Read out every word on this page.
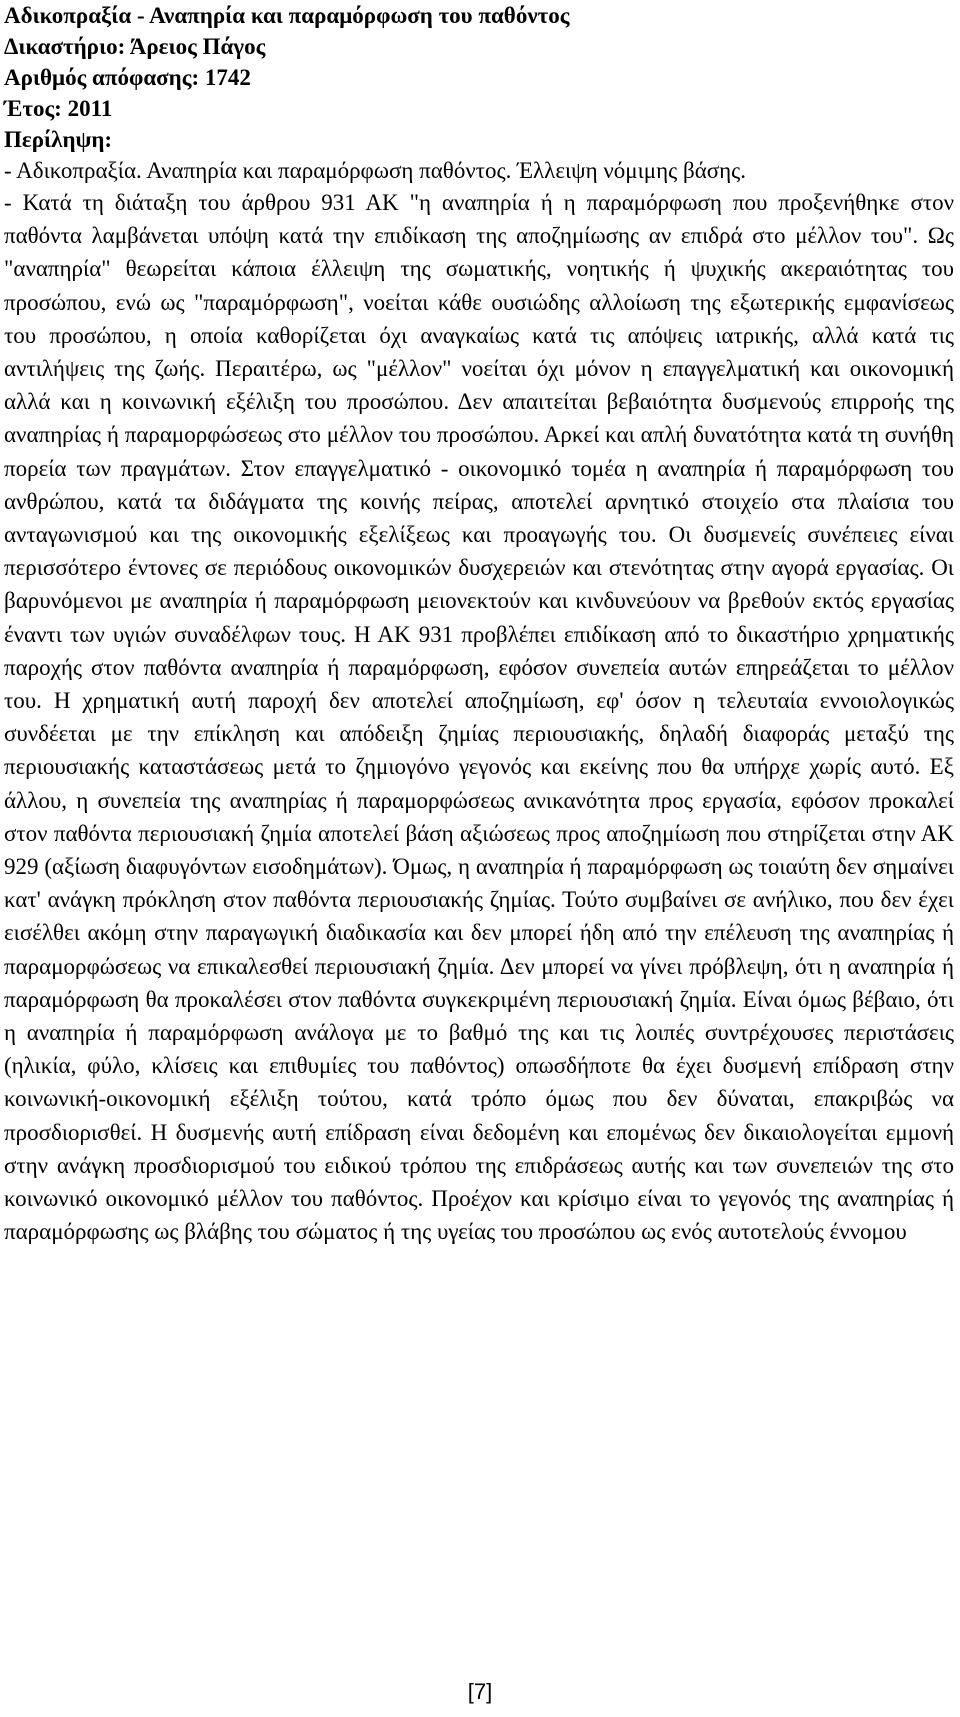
Αδικοπραξία - Αναπηρία και παραμόρφωση του παθόντος

Δικαστήριο: Άρειος Πάγος

Αριθμός απόφασης: 1742

Έτος: 2011

Περίληψη:

- Αδικοπραξία. Αναπηρία και παραμόρφωση παθόντος. Έλλειψη νόμιμης βάσης.

- Κατά τη διάταξη του άρθρου 931 ΑΚ "η αναπηρία ή η παραμόρφωση που προξενήθηκε στον παθόντα λαμβάνεται υπόψη κατά την επιδίκαση της αποζημίωσης αν επιδρά στο μέλλον του". Ως "αναπηρία" θεωρείται κάποια έλλειψη της σωματικής, νοητικής ή ψυχικής ακεραιότητας του προσώπου, ενώ ως "παραμόρφωση", νοείται κάθε ουσιώδης αλλοίωση της εξωτερικής εμφανίσεως του προσώπου, η οποία καθορίζεται όχι αναγκαίως κατά τις απόψεις ιατρικής, αλλά κατά τις αντιλήψεις της ζωής. Περαιτέρω, ως "μέλλον" νοείται όχι μόνον η επαγγελματική και οικονομική αλλά και η κοινωνική εξέλιξη του προσώπου. Δεν απαιτείται βεβαιότητα δυσμενούς επιρροής της αναπηρίας ή παραμορφώσεως στο μέλλον του προσώπου. Αρκεί και απλή δυνατότητα κατά τη συνήθη πορεία των πραγμάτων. Στον επαγγελματικό - οικονομικό τομέα η αναπηρία ή παραμόρφωση του ανθρώπου, κατά τα διδάγματα της κοινής πείρας, αποτελεί αρνητικό στοιχείο στα πλαίσια του ανταγωνισμού και της οικονομικής εξελίξεως και προαγωγής του. Οι δυσμενείς συνέπειες είναι περισσότερο έντονες σε περιόδους οικονομικών δυσχερειών και στενότητας στην αγορά εργασίας. Οι βαρυνόμενοι με αναπηρία ή παραμόρφωση μειονεκτούν και κινδυνεύουν να βρεθούν εκτός εργασίας έναντι των υγιών συναδέλφων τους. Η ΑΚ 931 προβλέπει επιδίκαση από το δικαστήριο χρηματικής παροχής στον παθόντα αναπηρία ή παραμόρφωση, εφόσον συνεπεία αυτών επηρεάζεται το μέλλον του. Η χρηματική αυτή παροχή δεν αποτελεί αποζημίωση, εφ' όσον η τελευταία εννοιολογικώς συνδέεται με την επίκληση και απόδειξη ζημίας περιουσιακής, δηλαδή διαφοράς μεταξύ της περιουσιακής καταστάσεως μετά το ζημιογόνο γεγονός και εκείνης που θα υπήρχε χωρίς αυτό. Εξ άλλου, η συνεπεία της αναπηρίας ή παραμορφώσεως ανικανότητα προς εργασία, εφόσον προκαλεί στον παθόντα περιουσιακή ζημία αποτελεί βάση αξιώσεως προς αποζημίωση που στηρίζεται στην ΑΚ 929 (αξίωση διαφυγόντων εισοδημάτων). Όμως, η αναπηρία ή παραμόρφωση ως τοιαύτη δεν σημαίνει κατ' ανάγκη πρόκληση στον παθόντα περιουσιακής ζημίας. Τούτο συμβαίνει σε ανήλικο, που δεν έχει εισέλθει ακόμη στην παραγωγική διαδικασία και δεν μπορεί ήδη από την επέλευση της αναπηρίας ή παραμορφώσεως να επικαλεσθεί περιουσιακή ζημία. Δεν μπορεί να γίνει πρόβλεψη, ότι η αναπηρία ή παραμόρφωση θα προκαλέσει στον παθόντα συγκεκριμένη περιουσιακή ζημία. Είναι όμως βέβαιο, ότι η αναπηρία ή παραμόρφωση ανάλογα με το βαθμό της και τις λοιπές συντρέχουσες περιστάσεις (ηλικία, φύλο, κλίσεις και επιθυμίες του παθόντος) οπωσδήποτε θα έχει δυσμενή επίδραση στην κοινωνική-οικονομική εξέλιξη τούτου, κατά τρόπο όμως που δεν δύναται, επακριβώς να προσδιορισθεί. Η δυσμενής αυτή επίδραση είναι δεδομένη και επομένως δεν δικαιολογείται εμμονή στην ανάγκη προσδιορισμού του ειδικού τρόπου της επιδράσεως αυτής και των συνεπειών της στο κοινωνικό οικονομικό μέλλον του παθόντος. Προέχον και κρίσιμο είναι το γεγονός της αναπηρίας ή παραμόρφωσης ως βλάβης του σώματος ή της υγείας του προσώπου ως ενός αυτοτελούς έννομου

[7]
